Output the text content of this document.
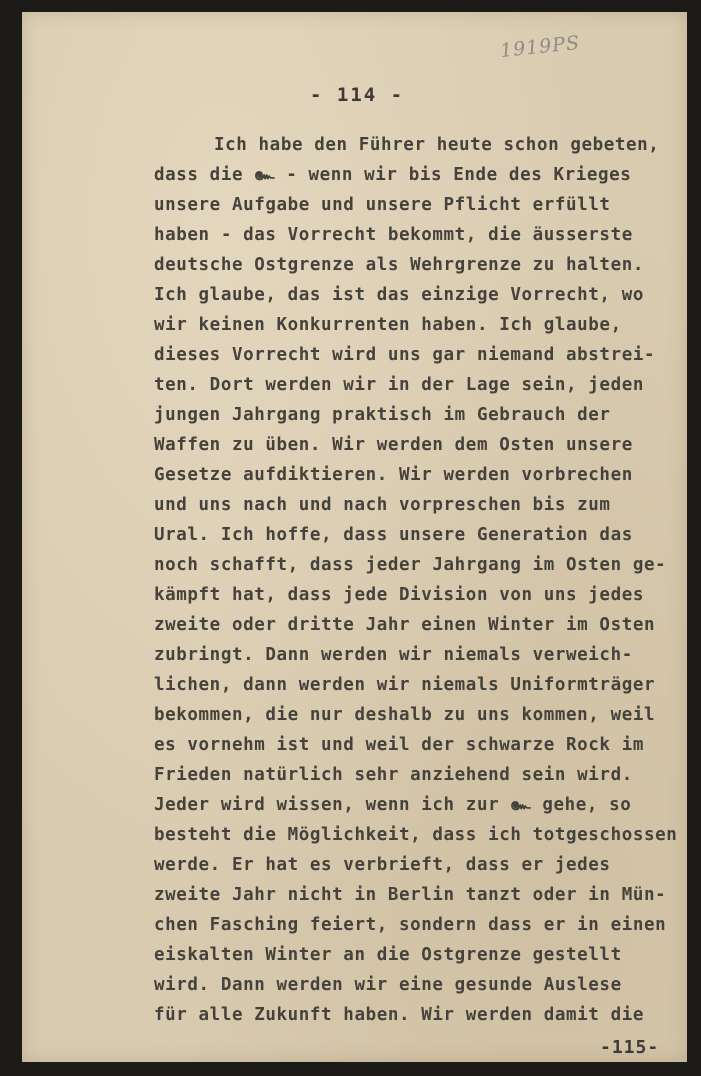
1919PS
- 114 -
Ich habe den Führer heute schon gebeten,
dass die ๛ - wenn wir bis Ende des Krieges
unsere Aufgabe und unsere Pflicht erfüllt
haben - das Vorrecht bekommt, die äusserste
deutsche Ostgrenze als Wehrgrenze zu halten.
Ich glaube, das ist das einzige Vorrecht, wo
wir keinen Konkurrenten haben. Ich glaube,
dieses Vorrecht wird uns gar niemand abstrei-
ten. Dort werden wir in der Lage sein, jeden
jungen Jahrgang praktisch im Gebrauch der
Waffen zu üben. Wir werden dem Osten unsere
Gesetze aufdiktieren. Wir werden vorbrechen
und uns nach und nach vorpreschen bis zum
Ural. Ich hoffe, dass unsere Generation das
noch schafft, dass jeder Jahrgang im Osten ge-
kämpft hat, dass jede Division von uns jedes
zweite oder dritte Jahr einen Winter im Osten
zubringt. Dann werden wir niemals verweich-
lichen, dann werden wir niemals Uniformträger
bekommen, die nur deshalb zu uns kommen, weil
es vornehm ist und weil der schwarze Rock im
Frieden natürlich sehr anziehend sein wird.
Jeder wird wissen, wenn ich zur ๛ gehe, so
besteht die Möglichkeit, dass ich totgeschossen
werde. Er hat es verbrieft, dass er jedes
zweite Jahr nicht in Berlin tanzt oder in Mün-
chen Fasching feiert, sondern dass er in einen
eiskalten Winter an die Ostgrenze gestellt
wird. Dann werden wir eine gesunde Auslese
für alle Zukunft haben. Wir werden damit die
-115-
